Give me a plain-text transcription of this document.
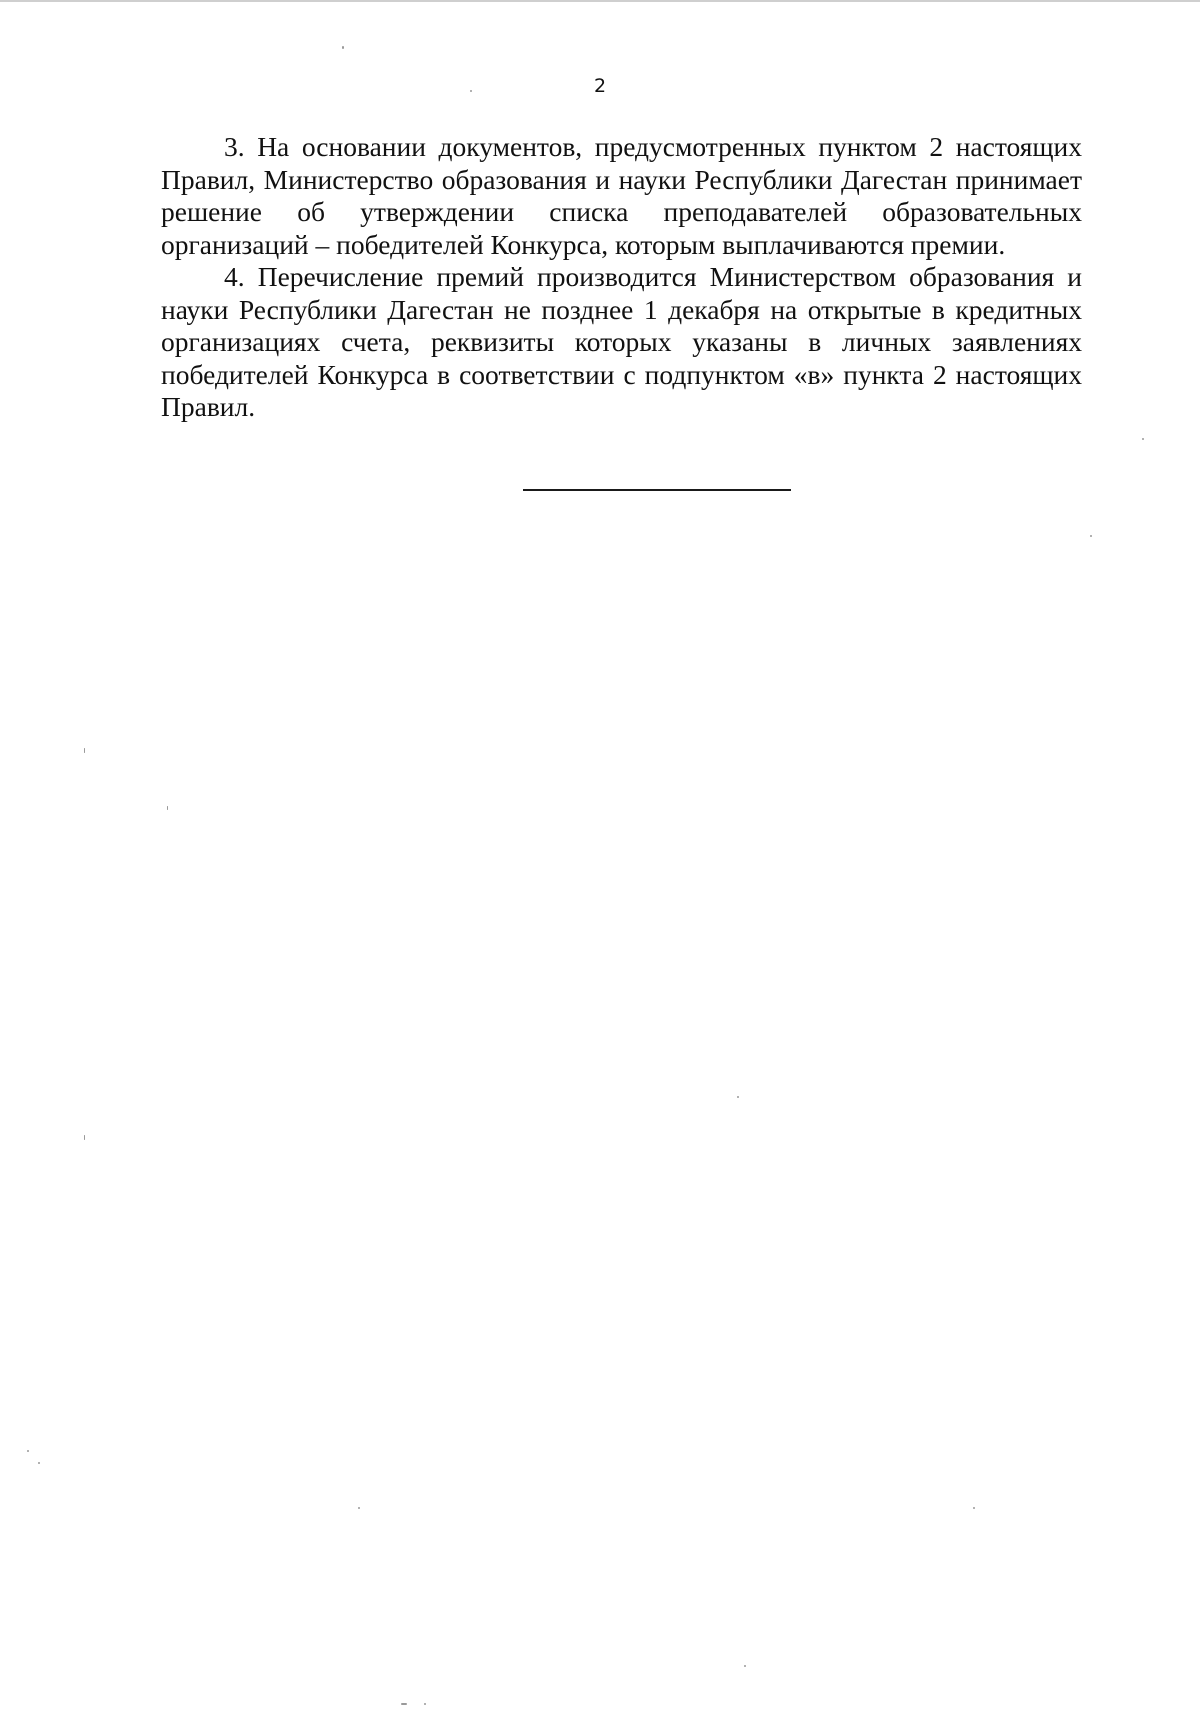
2

3. На основании документов, предусмотренных пунктом 2 настоящих Правил, Министерство образования и науки Республики Дагестан принимает решение об утверждении списка преподавателей образовательных организаций – победителей Конкурса, которым выплачиваются премии.

4. Перечисление премий производится Министерством образования и науки Республики Дагестан не позднее 1 декабря на открытые в кредитных организациях счета, реквизиты которых указаны в личных заявлениях победителей Конкурса в соответствии с подпунктом «в» пункта 2 настоящих Правил.
